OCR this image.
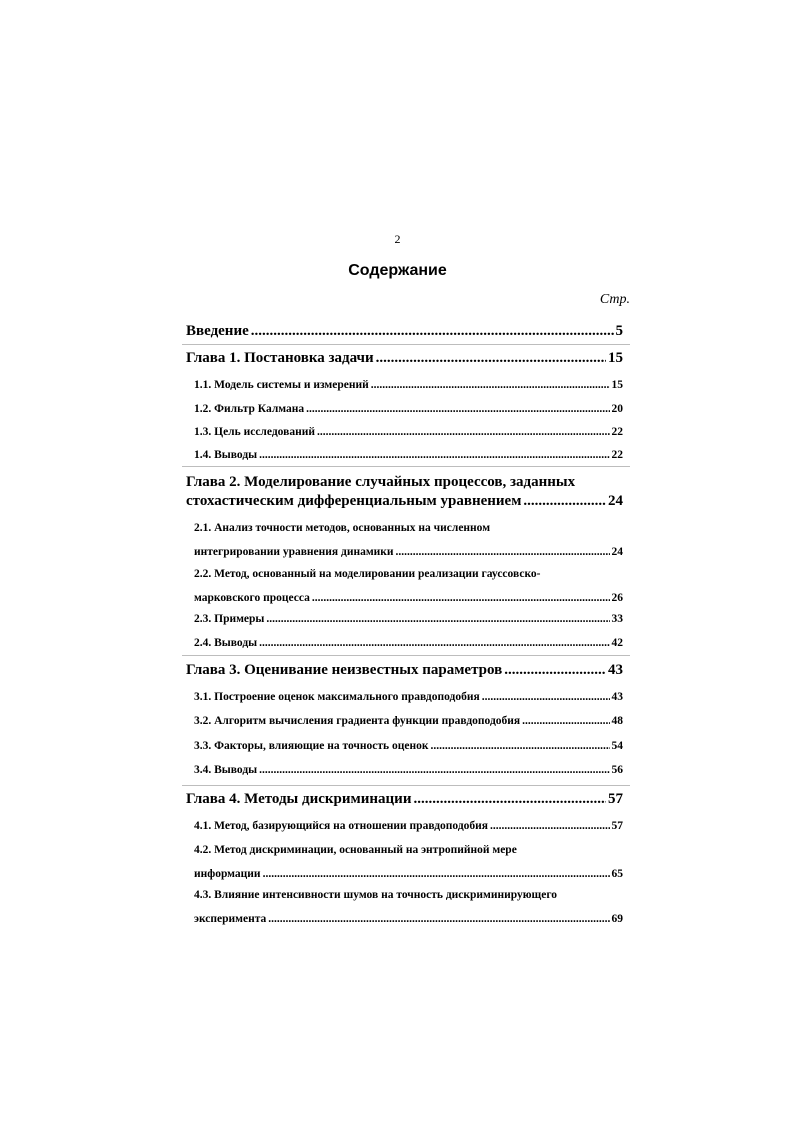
2
Содержание
Стр.
Введение .....	5
Глава 1. Постановка задачи .....	15
1.1. Модель системы и измерений .....	15
1.2. Фильтр Калмана .....	20
1.3. Цель исследований .....	22
1.4. Выводы .....	22
Глава 2. Моделирование случайных процессов, заданных
стохастическим дифференциальным уравнением .....	24
2.1. Анализ точности методов, основанных на численном
интегрировании уравнения динамики .....	24
2.2. Метод, основанный на моделировании реализации гауссовско-
марковского процесса .....	26
2.3. Примеры .....	33
2.4. Выводы .....	42
Глава 3. Оценивание неизвестных параметров .....	43
3.1. Построение оценок максимального правдоподобия .....	43
3.2. Алгоритм вычисления градиента функции правдоподобия .....	48
3.3. Факторы, влияющие на точность оценок .....	54
3.4. Выводы .....	56
Глава 4. Методы дискриминации .....	57
4.1. Метод, базирующийся на отношении правдоподобия .....	57
4.2. Метод дискриминации, основанный на энтропийной мере
информации .....	65
4.3. Влияние интенсивности шумов на точность дискриминирующего
эксперимента .....	69
